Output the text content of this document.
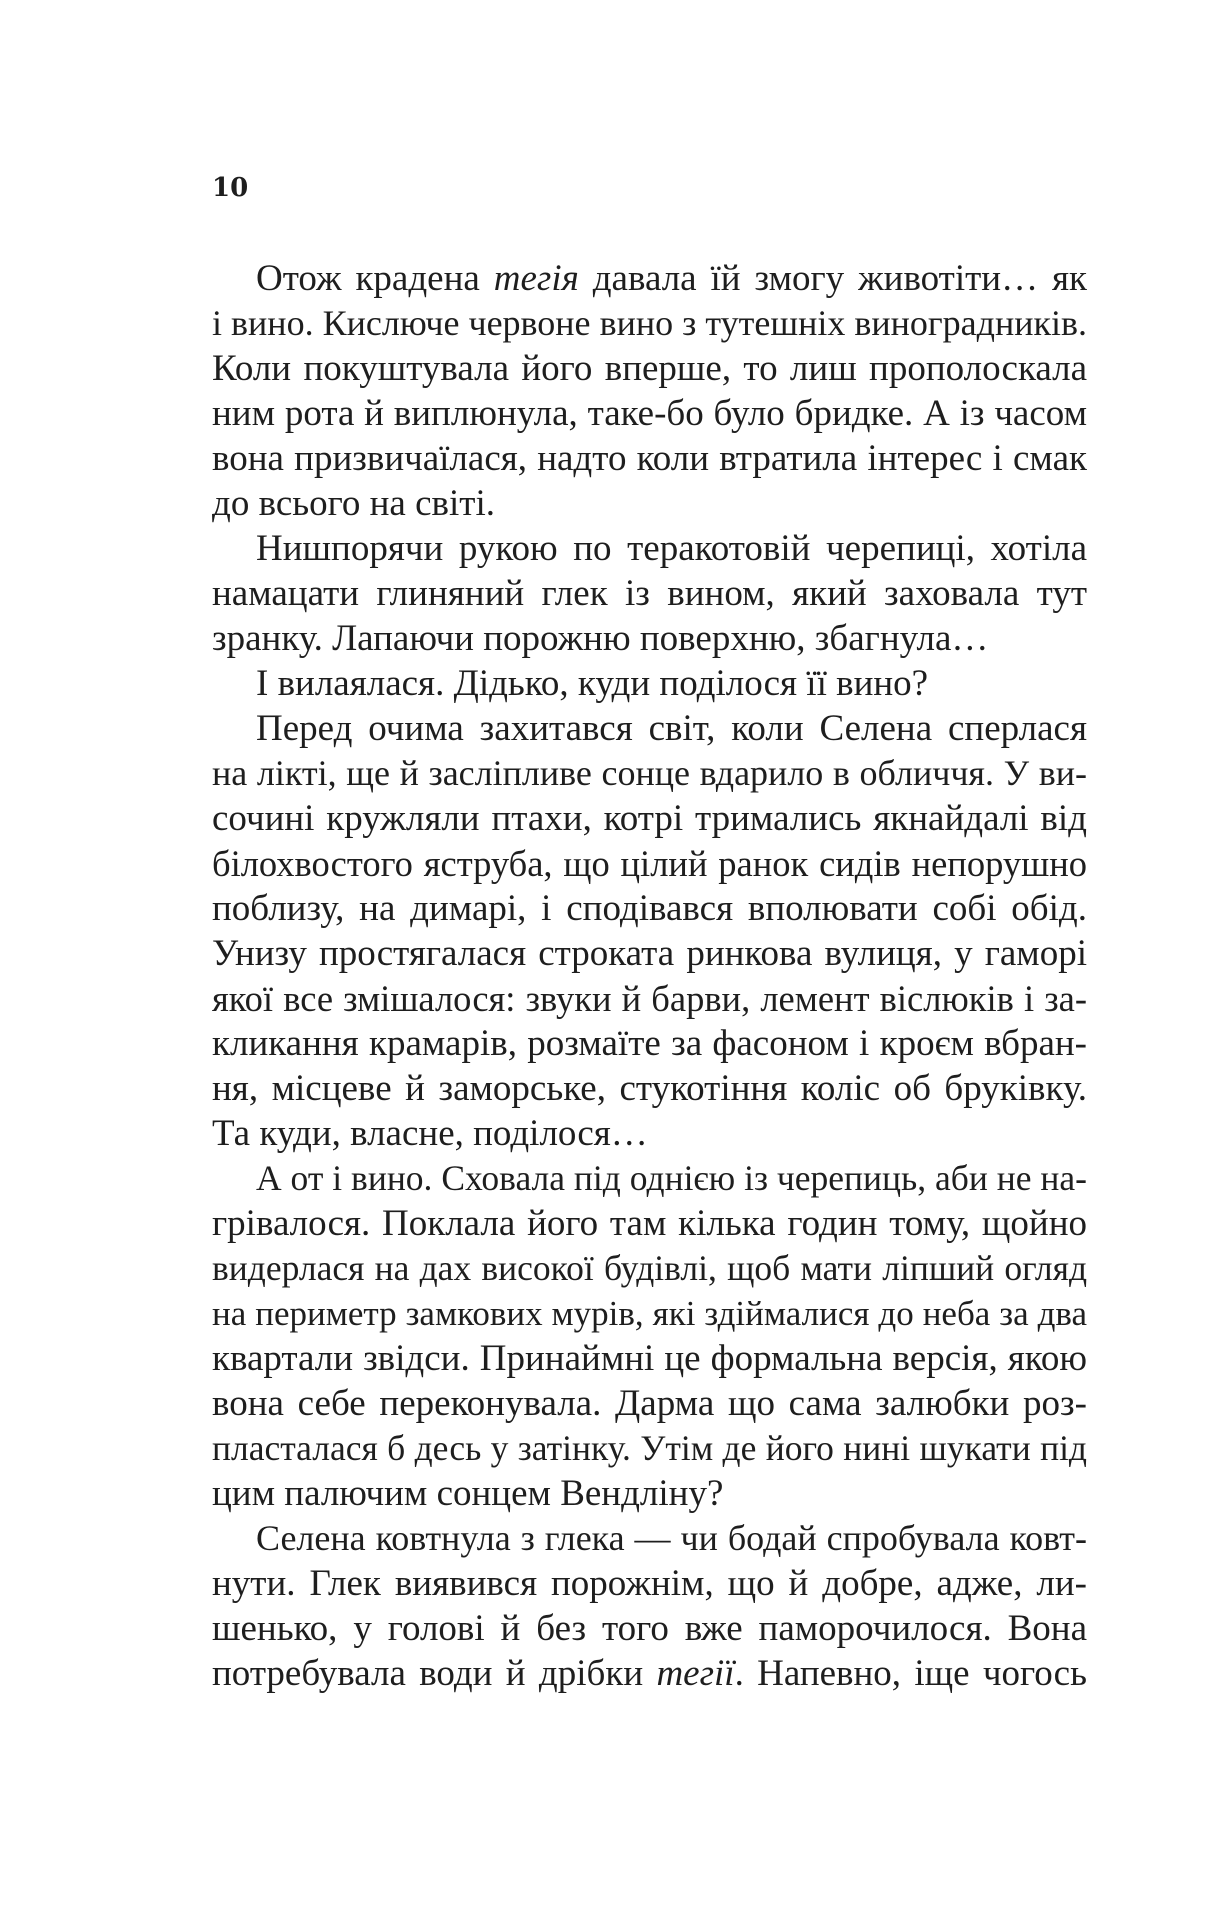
10
Отож крадена тегія давала їй змогу животіти… як
і вино. Кислюче червоне вино з тутешніх виноградників.
Коли покуштувала його вперше, то лиш прополоскала
ним рота й виплюнула, таке-бо було бридке. А із часом
вона призвичаїлася, надто коли втратила інтерес і смак
до всього на світі.
Нишпорячи рукою по теракотовій черепиці, хотіла
намацати глиняний глек із вином, який заховала тут
зранку. Лапаючи порожню поверхню, збагнула…
І вилаялася. Дідько, куди поділося її вино?
Перед очима захитався світ, коли Селена сперлася
на лікті, ще й засліпливе сонце вдарило в обличчя. У ви-
сочині кружляли птахи, котрі тримались якнайдалі від
білохвостого яструба, що цілий ранок сидів непорушно
поблизу, на димарі, і сподівався вполювати собі обід.
Унизу простягалася строката ринкова вулиця, у гаморі
якої все змішалося: звуки й барви, лемент віслюків і за-
кликання крамарів, розмаїте за фасоном і кроєм вбран-
ня, місцеве й заморське, стукотіння коліс об бруківку.
Та куди, власне, поділося…
А от і вино. Сховала під однією із черепиць, аби не на-
грівалося. Поклала його там кілька годин тому, щойно
видерлася на дах високої будівлі, щоб мати ліпший огляд
на периметр замкових мурів, які здіймалися до неба за два
квартали звідси. Принаймні це формальна версія, якою
вона себе переконувала. Дарма що сама залюбки роз-
пласталася б десь у затінку. Утім де його нині шукати під
цим палючим сонцем Вендліну?
Селена ковтнула з глека — чи бодай спробувала ковт-
нути. Глек виявився порожнім, що й добре, адже, ли-
шенько, у голові й без того вже паморочилося. Вона
потребувала води й дрібки тегії. Напевно, іще чогось
